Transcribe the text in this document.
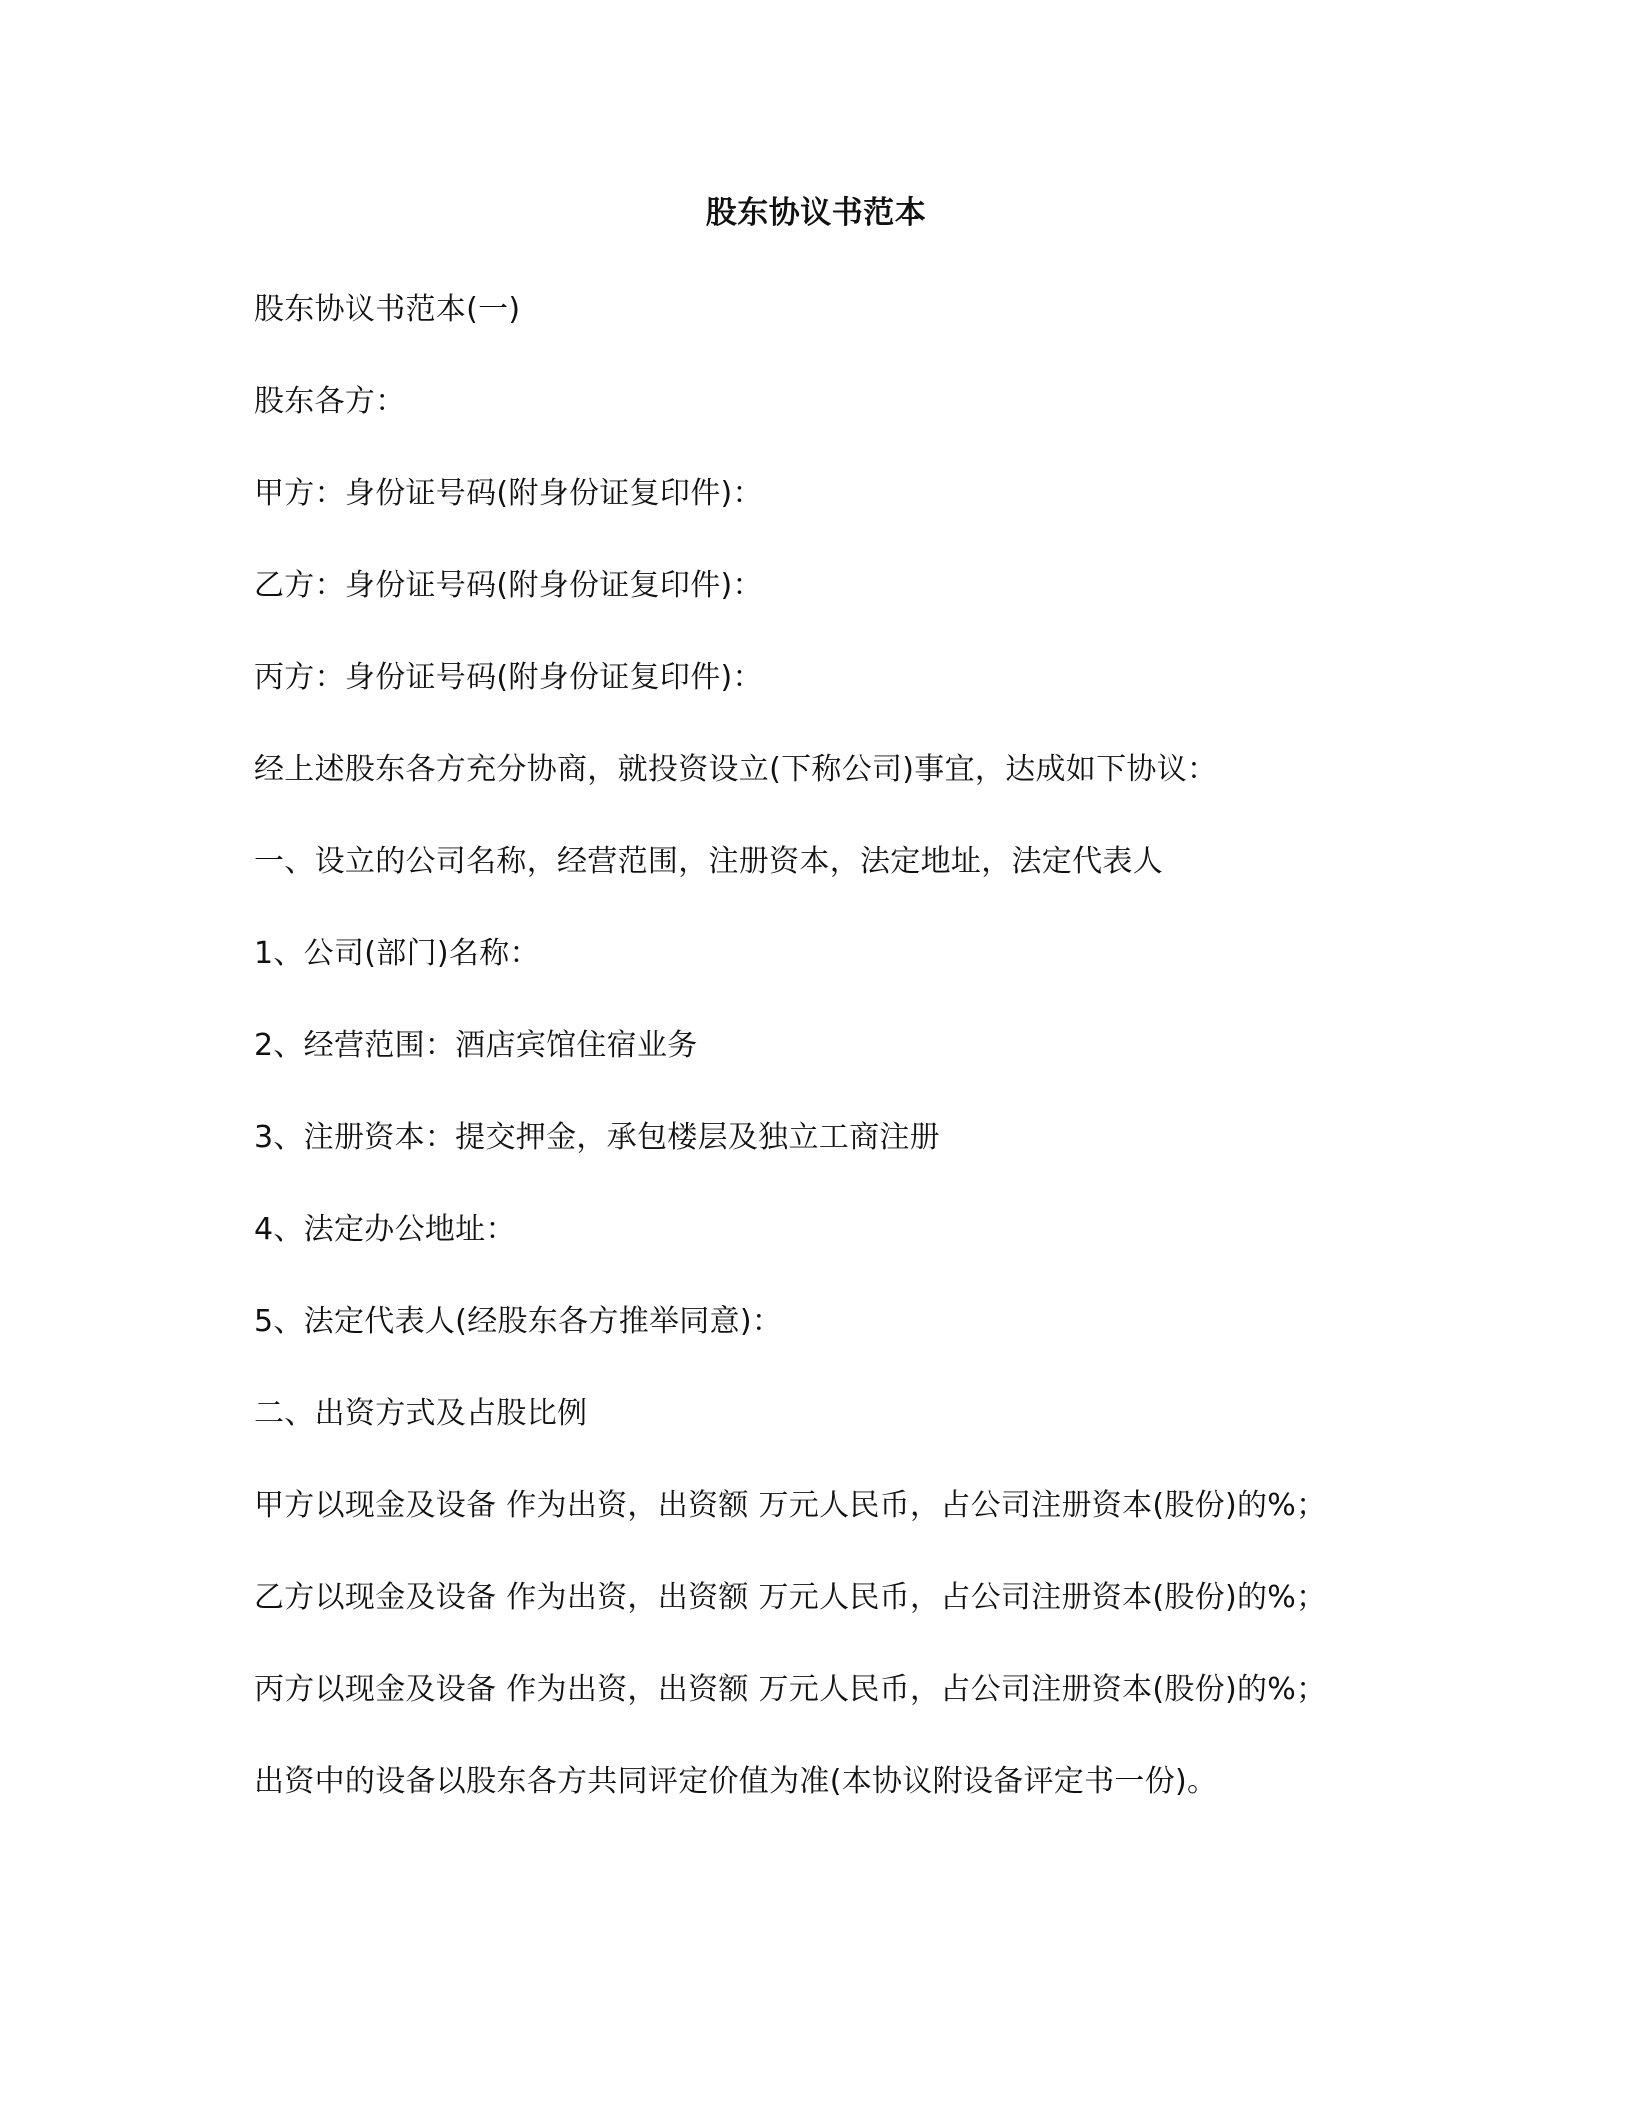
股东协议书范本
股东协议书范本(一)
股东各方：
甲方：身份证号码(附身份证复印件)：
乙方：身份证号码(附身份证复印件)：
丙方：身份证号码(附身份证复印件)：
经上述股东各方充分协商，就投资设立(下称公司)事宜，达成如下协议：
一、设立的公司名称，经营范围，注册资本，法定地址，法定代表人
1、公司(部门)名称：
2、经营范围：酒店宾馆住宿业务
3、注册资本：提交押金，承包楼层及独立工商注册
4、法定办公地址：
5、法定代表人(经股东各方推举同意)：
二、出资方式及占股比例
甲方以现金及设备 作为出资，出资额 万元人民币，占公司注册资本(股份)的%；
乙方以现金及设备 作为出资，出资额 万元人民币，占公司注册资本(股份)的%；
丙方以现金及设备 作为出资，出资额 万元人民币，占公司注册资本(股份)的%；
出资中的设备以股东各方共同评定价值为准(本协议附设备评定书一份)。
